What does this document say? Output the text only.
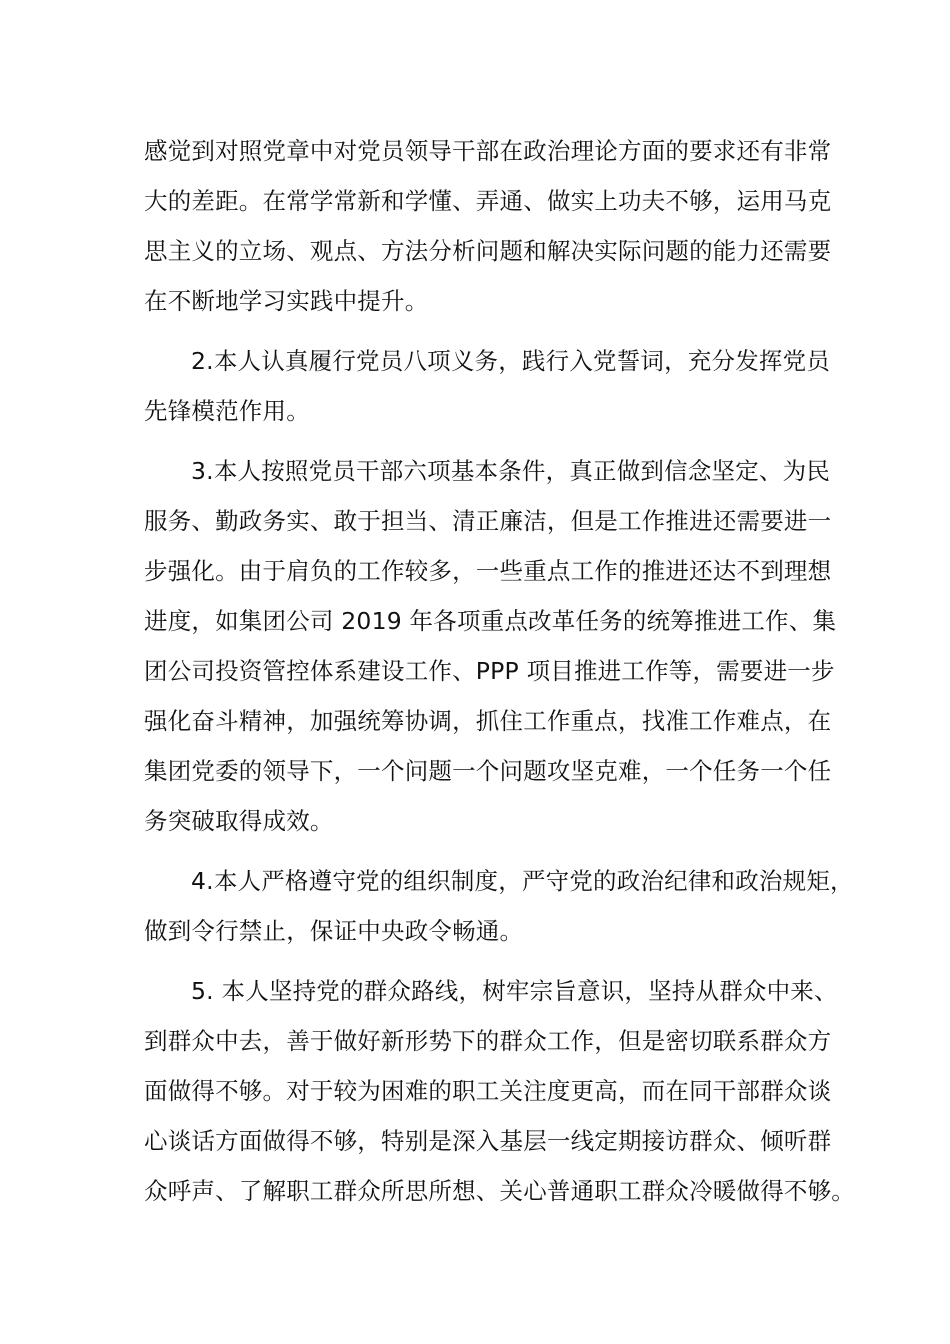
感觉到对照党章中对党员领导干部在政治理论方面的要求还有非常
大的差距。在常学常新和学懂、弄通、做实上功夫不够，运用马克
思主义的立场、观点、方法分析问题和解决实际问题的能力还需要
在不断地学习实践中提升。

2.本人认真履行党员八项义务，践行入党誓词，充分发挥党员
先锋模范作用。

3.本人按照党员干部六项基本条件，真正做到信念坚定、为民
服务、勤政务实、敢于担当、清正廉洁，但是工作推进还需要进一
步强化。由于肩负的工作较多，一些重点工作的推进还达不到理想
进度，如集团公司 2019 年各项重点改革任务的统筹推进工作、集
团公司投资管控体系建设工作、PPP 项目推进工作等，需要进一步
强化奋斗精神，加强统筹协调，抓住工作重点，找准工作难点，在
集团党委的领导下，一个问题一个问题攻坚克难，一个任务一个任
务突破取得成效。

4.本人严格遵守党的组织制度，严守党的政治纪律和政治规矩，
做到令行禁止，保证中央政令畅通。

5. 本人坚持党的群众路线，树牢宗旨意识，坚持从群众中来、
到群众中去，善于做好新形势下的群众工作，但是密切联系群众方
面做得不够。对于较为困难的职工关注度更高，而在同干部群众谈
心谈话方面做得不够，特别是深入基层一线定期接访群众、倾听群
众呼声、了解职工群众所思所想、关心普通职工群众冷暖做得不够。
